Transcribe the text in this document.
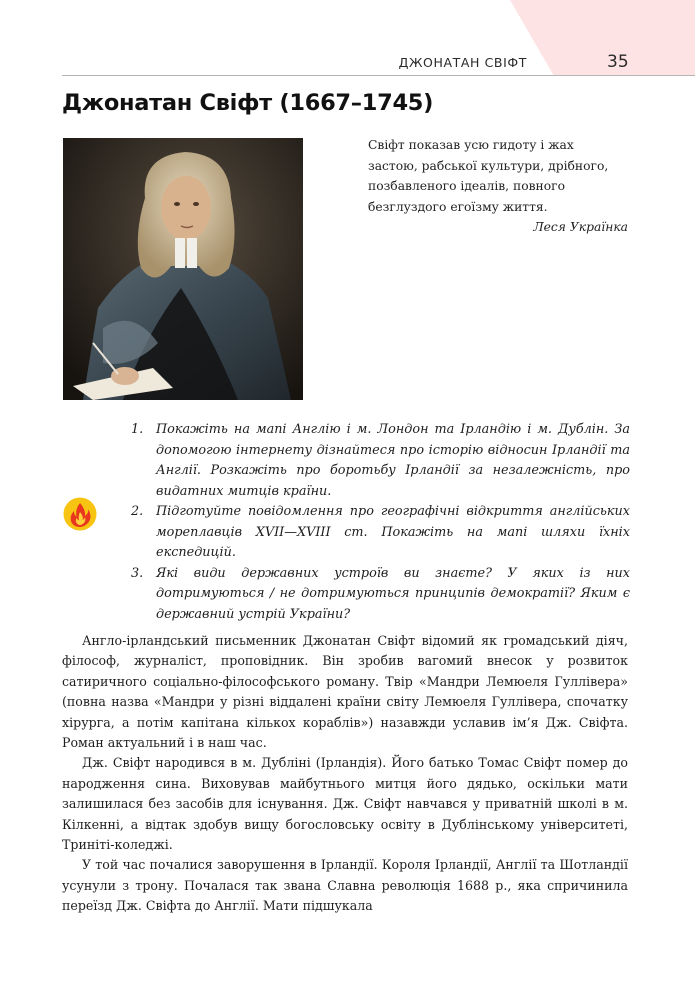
ДЖОНАТАН СВІФТ	35
Джонатан Свіфт (1667–1745)
Свіфт показав усю гидоту і жах
застою, рабської культури, дрібного,
позбавленого ідеалів, повного
безглуздого егоїзму життя.
Леся Українка
1. Покажіть на мапі Англію і м. Лондон та Ірландію і м. Дублін. За допомогою інтернету дізнайтеся про історію відносин Ірландії та Англії. Розкажіть про боротьбу Ірландії за незалежність, про видатних митців країни.
2. Підготуйте повідомлення про географічні відкриття англійських мореплавців XVII—XVIII ст. Покажіть на мапі шляхи їхніх експедицій.
3. Які види державних устроїв ви знаєте? У яких із них дотримуються / не дотримуються принципів демократії? Яким є державний устрій України?

Англо-ірландський письменник Джонатан Свіфт відомий як громадський діяч, філософ, журналіст, проповідник. Він зробив вагомий внесок у розвиток сатиричного соціально-філософського роману. Твір «Мандри Лемюеля Гуллівера» (повна назва «Мандри у різні віддалені країни світу Лемюеля Гуллівера, спочатку хірурга, а потім капітана кількох кораблів») назавжди уславив ім’я Дж. Свіфта. Роман актуальний і в наш час.

Дж. Свіфт народився в м. Дубліні (Ірландія). Його батько Томас Свіфт помер до народження сина. Виховував майбутнього митця його дядько, оскільки мати залишилася без засобів для існування. Дж. Свіфт навчався у приватній школі в м. Кілкенні, а відтак здобув вищу богословську освіту в Дублінському університеті, Триніті-коледжі.

У той час почалися заворушення в Ірландії. Короля Ірландії, Англії та Шотландії усунули з трону. Почалася так звана Славна революція 1688 р., яка спричинила переїзд Дж. Свіфта до Англії. Мати підшукала
